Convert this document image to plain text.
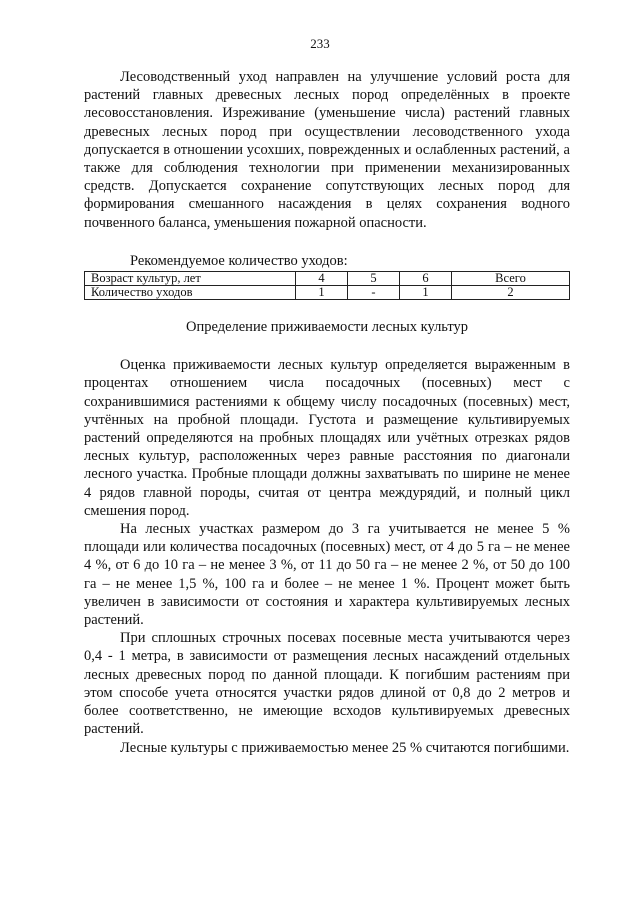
233

Лесоводственный уход направлен на улучшение условий роста для растений главных древесных лесных пород определённых в проекте лесовосстановления. Изреживание (уменьшение числа) растений главных древесных лесных пород при осуществлении лесоводственного ухода допускается в отношении усохших, поврежденных и ослабленных растений, а также для соблюдения технологии при применении механизированных средств. Допускается сохранение сопутствующих лесных пород для формирования смешанного насаждения в целях сохранения водного почвенного баланса, уменьшения пожарной опасности.

Рекомендуемое количество уходов:
Возраст культур, лет	4	5	6	Всего
Количество уходов	1	-	1	2
Определение приживаемости лесных культур

Оценка приживаемости лесных культур определяется выраженным в процентах отношением числа посадочных (посевных) мест с сохранившимися растениями к общему числу посадочных (посевных) мест, учтённых на пробной площади. Густота и размещение культивируемых растений определяются на пробных площадях или учётных отрезках рядов лесных культур, расположенных через равные расстояния по диагонали лесного участка. Пробные площади должны захватывать по ширине не менее 4 рядов главной породы, считая от центра междурядий, и полный цикл смешения пород.

На лесных участках размером до 3 га учитывается не менее 5 % площади или количества посадочных (посевных) мест, от 4 до 5 га – не менее 4 %, от 6 до 10 га – не менее 3 %, от 11 до 50 га – не менее 2 %, от 50 до 100 га – не менее 1,5 %, 100 га и более – не менее 1 %. Процент может быть увеличен в зависимости от состояния и характера культивируемых лесных растений.

При сплошных строчных посевах посевные места учитываются через 0,4 - 1 метра, в зависимости от размещения лесных насаждений отдельных лесных древесных пород по данной площади. К погибшим растениям при этом способе учета относятся участки рядов длиной от 0,8 до 2 метров и более соответственно, не имеющие всходов культивируемых древесных растений.

Лесные культуры с приживаемостью менее 25 % считаются погибшими.
